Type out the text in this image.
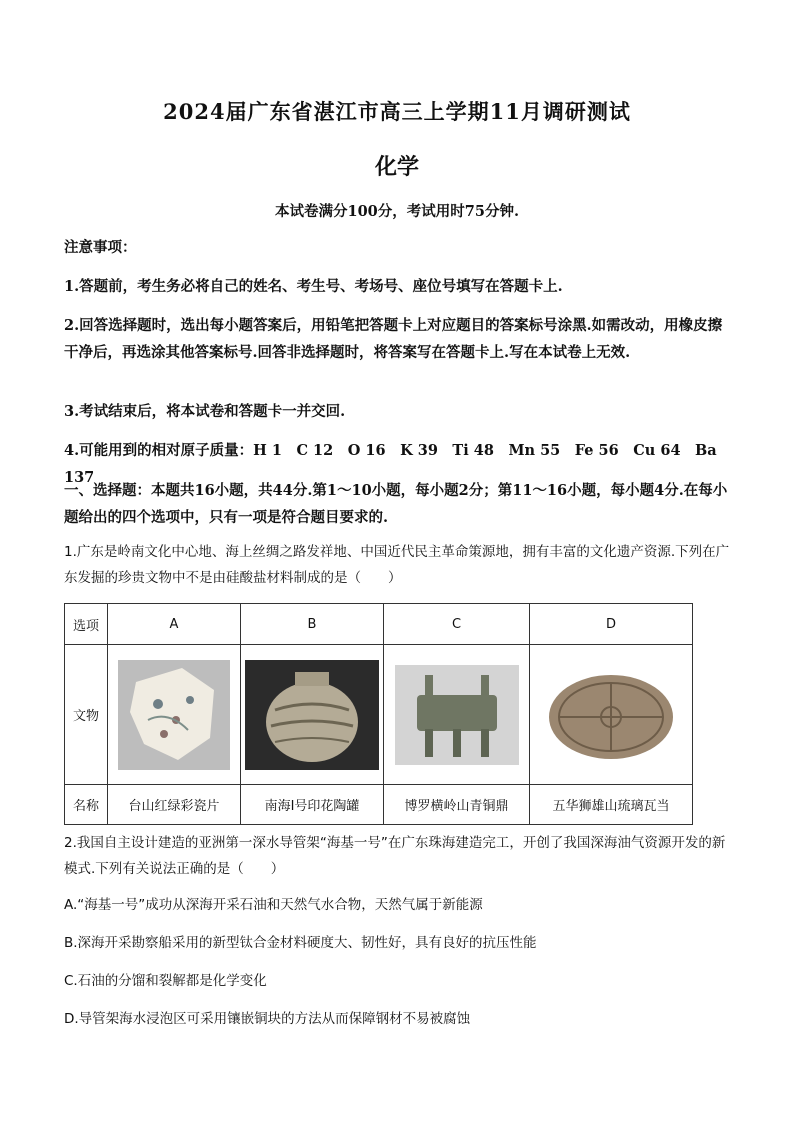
2024届广东省湛江市高三上学期11月调研测试
化学
本试卷满分100分，考试用时75分钟.
注意事项：
1.答题前，考生务必将自己的姓名、考生号、考场号、座位号填写在答题卡上.
2.回答选择题时，选出每小题答案后，用铅笔把答题卡上对应题目的答案标号涂黑.如需改动，用橡皮擦干净后，再选涂其他答案标号.回答非选择题时，将答案写在答题卡上.写在本试卷上无效.
3.考试结束后，将本试卷和答题卡一并交回.
4.可能用到的相对原子质量：H 1　C 12　O 16　K 39　Ti 48　Mn 55　Fe 56　Cu 64　Ba 137
一、选择题：本题共16小题，共44分.第1～10小题，每小题2分；第11～16小题，每小题4分.在每小题给出的四个选项中，只有一项是符合题目要求的.
1.广东是岭南文化中心地、海上丝绸之路发祥地、中国近代民主革命策源地，拥有丰富的文化遗产资源.下列在广东发掘的珍贵文物中不是由硅酸盐材料制成的是（　　）
选项	A	B	C	D
文物	

名称	台山红绿彩瓷片	南海Ⅰ号印花陶罐	博罗横岭山青铜鼎	五华狮雄山琉璃瓦当
2.我国自主设计建造的亚洲第一深水导管架“海基一号”在广东珠海建造完工，开创了我国深海油气资源开发的新模式.下列有关说法正确的是（　　）
A.“海基一号”成功从深海开采石油和天然气水合物，天然气属于新能源
B.深海开采勘察船采用的新型钛合金材料硬度大、韧性好，具有良好的抗压性能
C.石油的分馏和裂解都是化学变化
D.导管架海水浸泡区可采用镶嵌铜块的方法从而保障钢材不易被腐蚀
